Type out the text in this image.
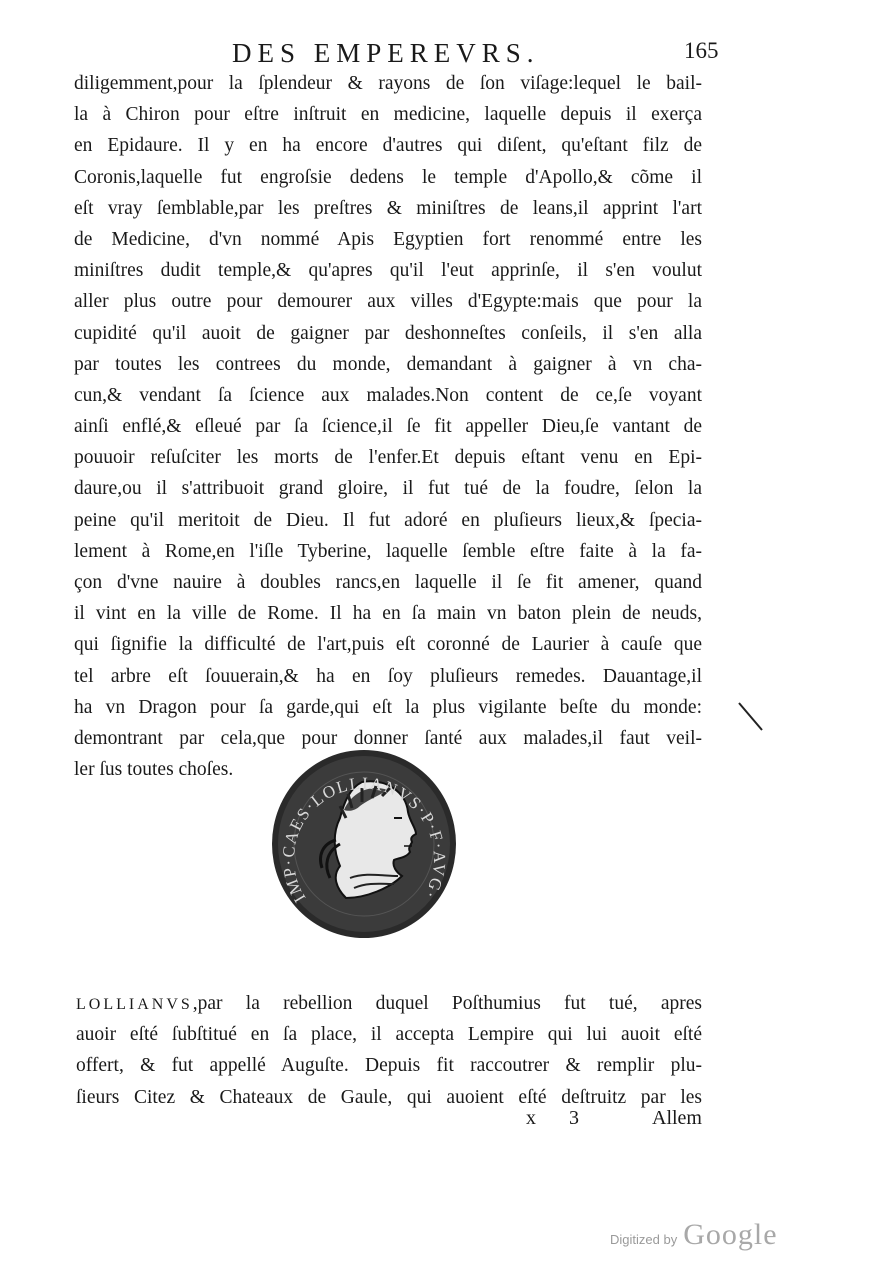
DES EMPEREVRS.	165
diligemment,pour la ſplendeur & rayons de ſon viſage:lequel le bail-
la à Chiron pour eſtre inſtruit en medicine, laquelle depuis il exerça
en Epidaure. Il y en ha encore d'autres qui diſent, qu'eſtant filz de
Coronis,laquelle fut engroſsie dedens le temple d'Apollo,& cõme il
eſt vray ſemblable,par les preſtres & miniſtres de leans,il apprint l'art
de Medicine, d'vn nommé Apis Egyptien fort renommé entre les
miniſtres dudit temple,& qu'apres qu'il l'eut apprinſe, il s'en voulut
aller plus outre pour demourer aux villes d'Egypte:mais que pour la
cupidité qu'il auoit de gaigner par deshonneſtes conſeils, il s'en alla
par toutes les contrees du monde, demandant à gaigner à vn cha-
cun,& vendant ſa ſcience aux malades.Non content de ce,ſe voyant
ainſi enflé,& eſleué par ſa ſcience,il ſe fit appeller Dieu,ſe vantant de
pouuoir reſuſciter les morts de l'enfer.Et depuis eſtant venu en Epi-
daure,ou il s'attribuoit grand gloire, il fut tué de la foudre, ſelon la
peine qu'il meritoit de Dieu. Il fut adoré en pluſieurs lieux,& ſpecia-
lement à Rome,en l'iſle Tyberine, laquelle ſemble eſtre faite à la fa-
çon d'vne nauire à doubles rancs,en laquelle il ſe fit amener, quand
il vint en la ville de Rome. Il ha en ſa main vn baton plein de neuds,
qui ſignifie la difficulté de l'art,puis eſt coronné de Laurier à cauſe que
tel arbre eſt ſouuerain,& ha en ſoy pluſieurs remedes. Dauantage,il
ha vn Dragon pour ſa garde,qui eſt la plus vigilante beſte du monde:
demontrant par cela,que pour donner ſanté aux malades,il faut veil-
ler ſus toutes choſes.
IMP·CAES·LOLLIANVS·P·F·AVG·
LOLLIANVS,par la rebellion duquel Poſthumius fut tué, apres
auoir eſté ſubſtitué en ſa place, il accepta Lempire qui lui auoit eſté
offert, & fut appellé Auguſte. Depuis fit raccoutrer & remplir plu-
ſieurs Citez & Chateaux de Gaule, qui auoient eſté deſtruitz par les
x 3	Allem
Digitized by Google
